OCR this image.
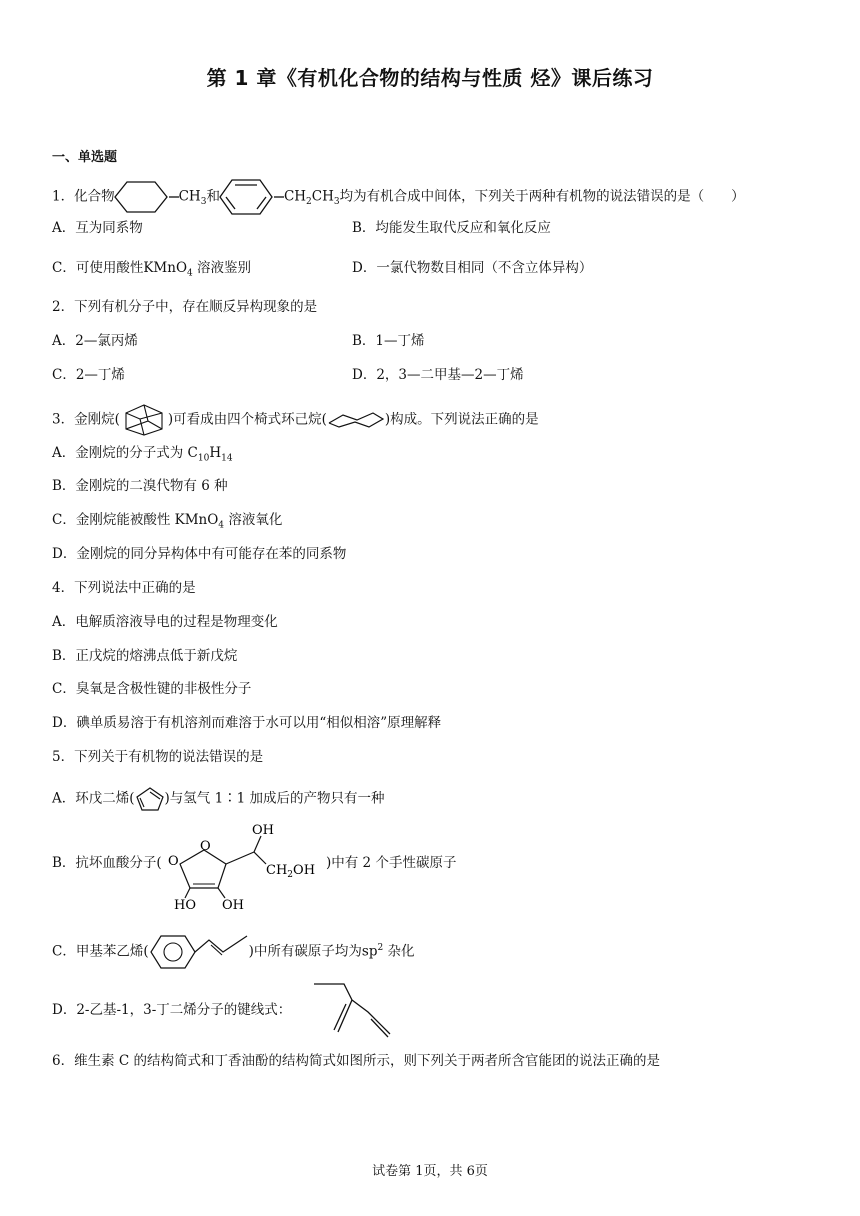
第 1 章《有机化合物的结构与性质 烃》课后练习
一、单选题
1．化合物	$CH_3$和	$CH_2CH_3$均为有机合成中间体，下列关于两种有机物的说法错误的是（　　）
A．互为同系物	B．均能发生取代反应和氧化反应
C．可使用酸性KMnO$_4$ 溶液鉴别	D．一氯代物数目相同（不含立体异构）
2．下列有机分子中，存在顺反异构现象的是
A．2—氯丙烯	B．1—丁烯
C．2—丁烯	D．2，3—二甲基—2—丁烯
3．金刚烷(	)可看成由四个椅式环己烷(	)构成。下列说法正确的是
A．金刚烷的分子式为 $C_{10}H_{14}$
B．金刚烷的二溴代物有 6 种
C．金刚烷能被酸性 KMnO$_4$ 溶液氧化
D．金刚烷的同分异构体中有可能存在苯的同系物
4．下列说法中正确的是
A．电解质溶液导电的过程是物理变化
B．正戊烷的熔沸点低于新戊烷
C．臭氧是含极性键的非极性分子
D．碘单质易溶于有机溶剂而难溶于水可以用“相似相溶”原理解释
5．下列关于有机物的说法错误的是
A．环戊二烯( )与氢气 1∶1 加成后的产物只有一种
B．抗坏血酸分子( O
O
OH
$CH_2OH$
HO OH
)中有 2 个手性碳原子
C．甲基苯乙烯(	)中所有碳原子均为$sp^2$ 杂化
D．2-乙基-1，3-丁二烯分子的键线式：
6．维生素 C 的结构简式和丁香油酚的结构简式如图所示，则下列关于两者所含官能团的说法正确的是
试卷第 1页，共 6页
